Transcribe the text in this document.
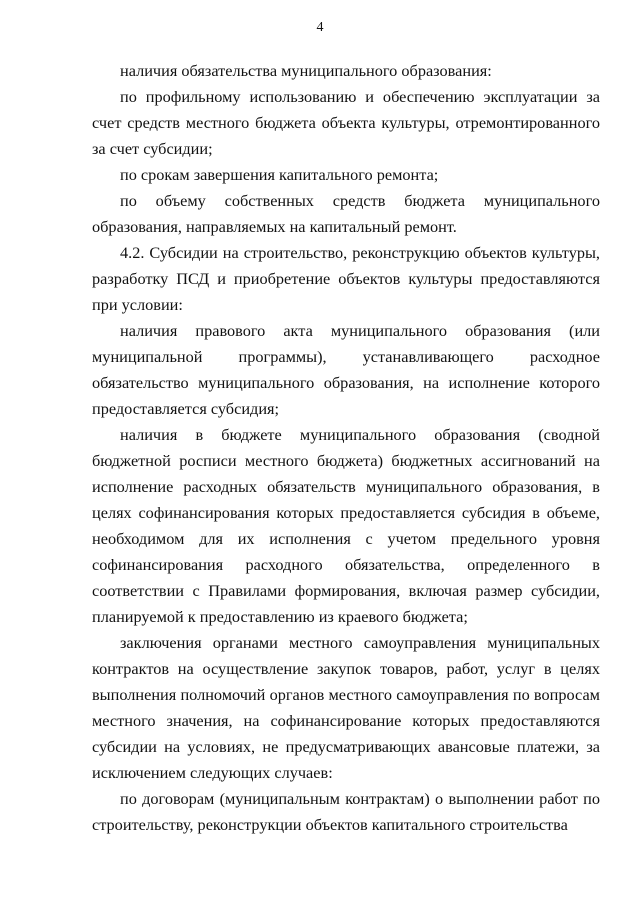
4

наличия обязательства муниципального образования:

по профильному использованию и обеспечению эксплуатации за счет средств местного бюджета объекта культуры, отремонтированного за счет субсидии;

по срокам завершения капитального ремонта;

по объему собственных средств бюджета муниципального образования, направляемых на капитальный ремонт.

4.2. Субсидии на строительство, реконструкцию объектов культуры, разработку ПСД и приобретение объектов культуры предоставляются при условии:

наличия правового акта муниципального образования (или муниципальной программы), устанавливающего расходное обязательство муниципального образования, на исполнение которого предоставляется субсидия;

наличия в бюджете муниципального образования (сводной бюджетной росписи местного бюджета) бюджетных ассигнований на исполнение расходных обязательств муниципального образования, в целях софинансирования которых предоставляется субсидия в объеме, необходимом для их исполнения с учетом предельного уровня софинансирования расходного обязательства, определенного в соответствии с Правилами формирования, включая размер субсидии, планируемой к предоставлению из краевого бюджета;

заключения органами местного самоуправления муниципальных контрактов на осуществление закупок товаров, работ, услуг в целях выполнения полномочий органов местного самоуправления по вопросам местного значения, на софинансирование которых предоставляются субсидии на условиях, не предусматривающих авансовые платежи, за исключением следующих случаев:

по договорам (муниципальным контрактам) о выполнении работ по строительству, реконструкции объектов капитального строительства
